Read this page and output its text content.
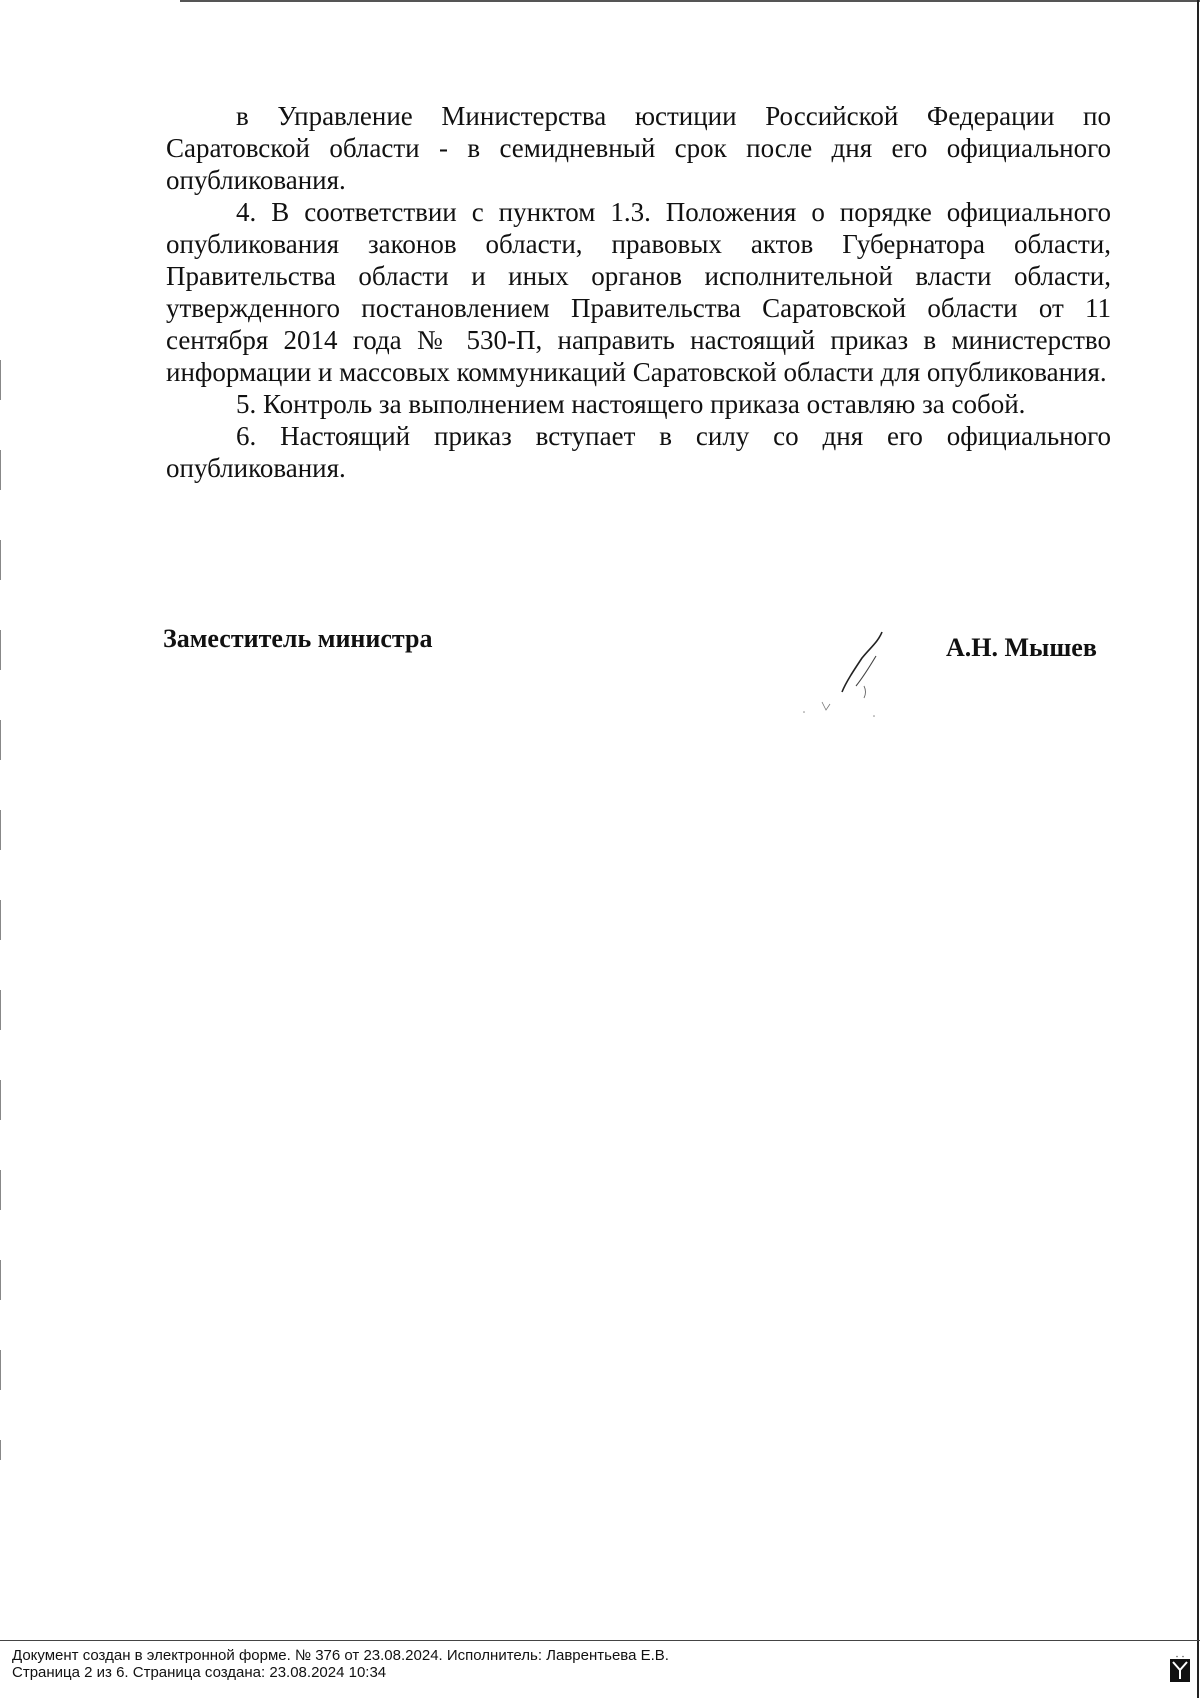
в Управление Министерства юстиции Российской Федерации по Саратовской области - в семидневный срок после дня его официального опубликования.

4. В соответствии с пунктом 1.3. Положения о порядке официального опубликования законов области, правовых актов Губернатора области, Правительства области и иных органов исполнительной власти области, утвержденного постановлением Правительства Саратовской области от 11 сентября 2014 года № 530-П, направить настоящий приказ в министерство информации и массовых коммуникаций Саратовской области для опубликования.

5. Контроль за выполнением настоящего приказа оставляю за собой.

6. Настоящий приказ вступает в силу со дня его официального опубликования.

Заместитель министра	А.Н. Мышев
Документ создан в электронной форме. № 376 от 23.08.2024. Исполнитель: Лаврентьева Е.В.
Страница 2 из 6. Страница создана: 23.08.2024 10:34
